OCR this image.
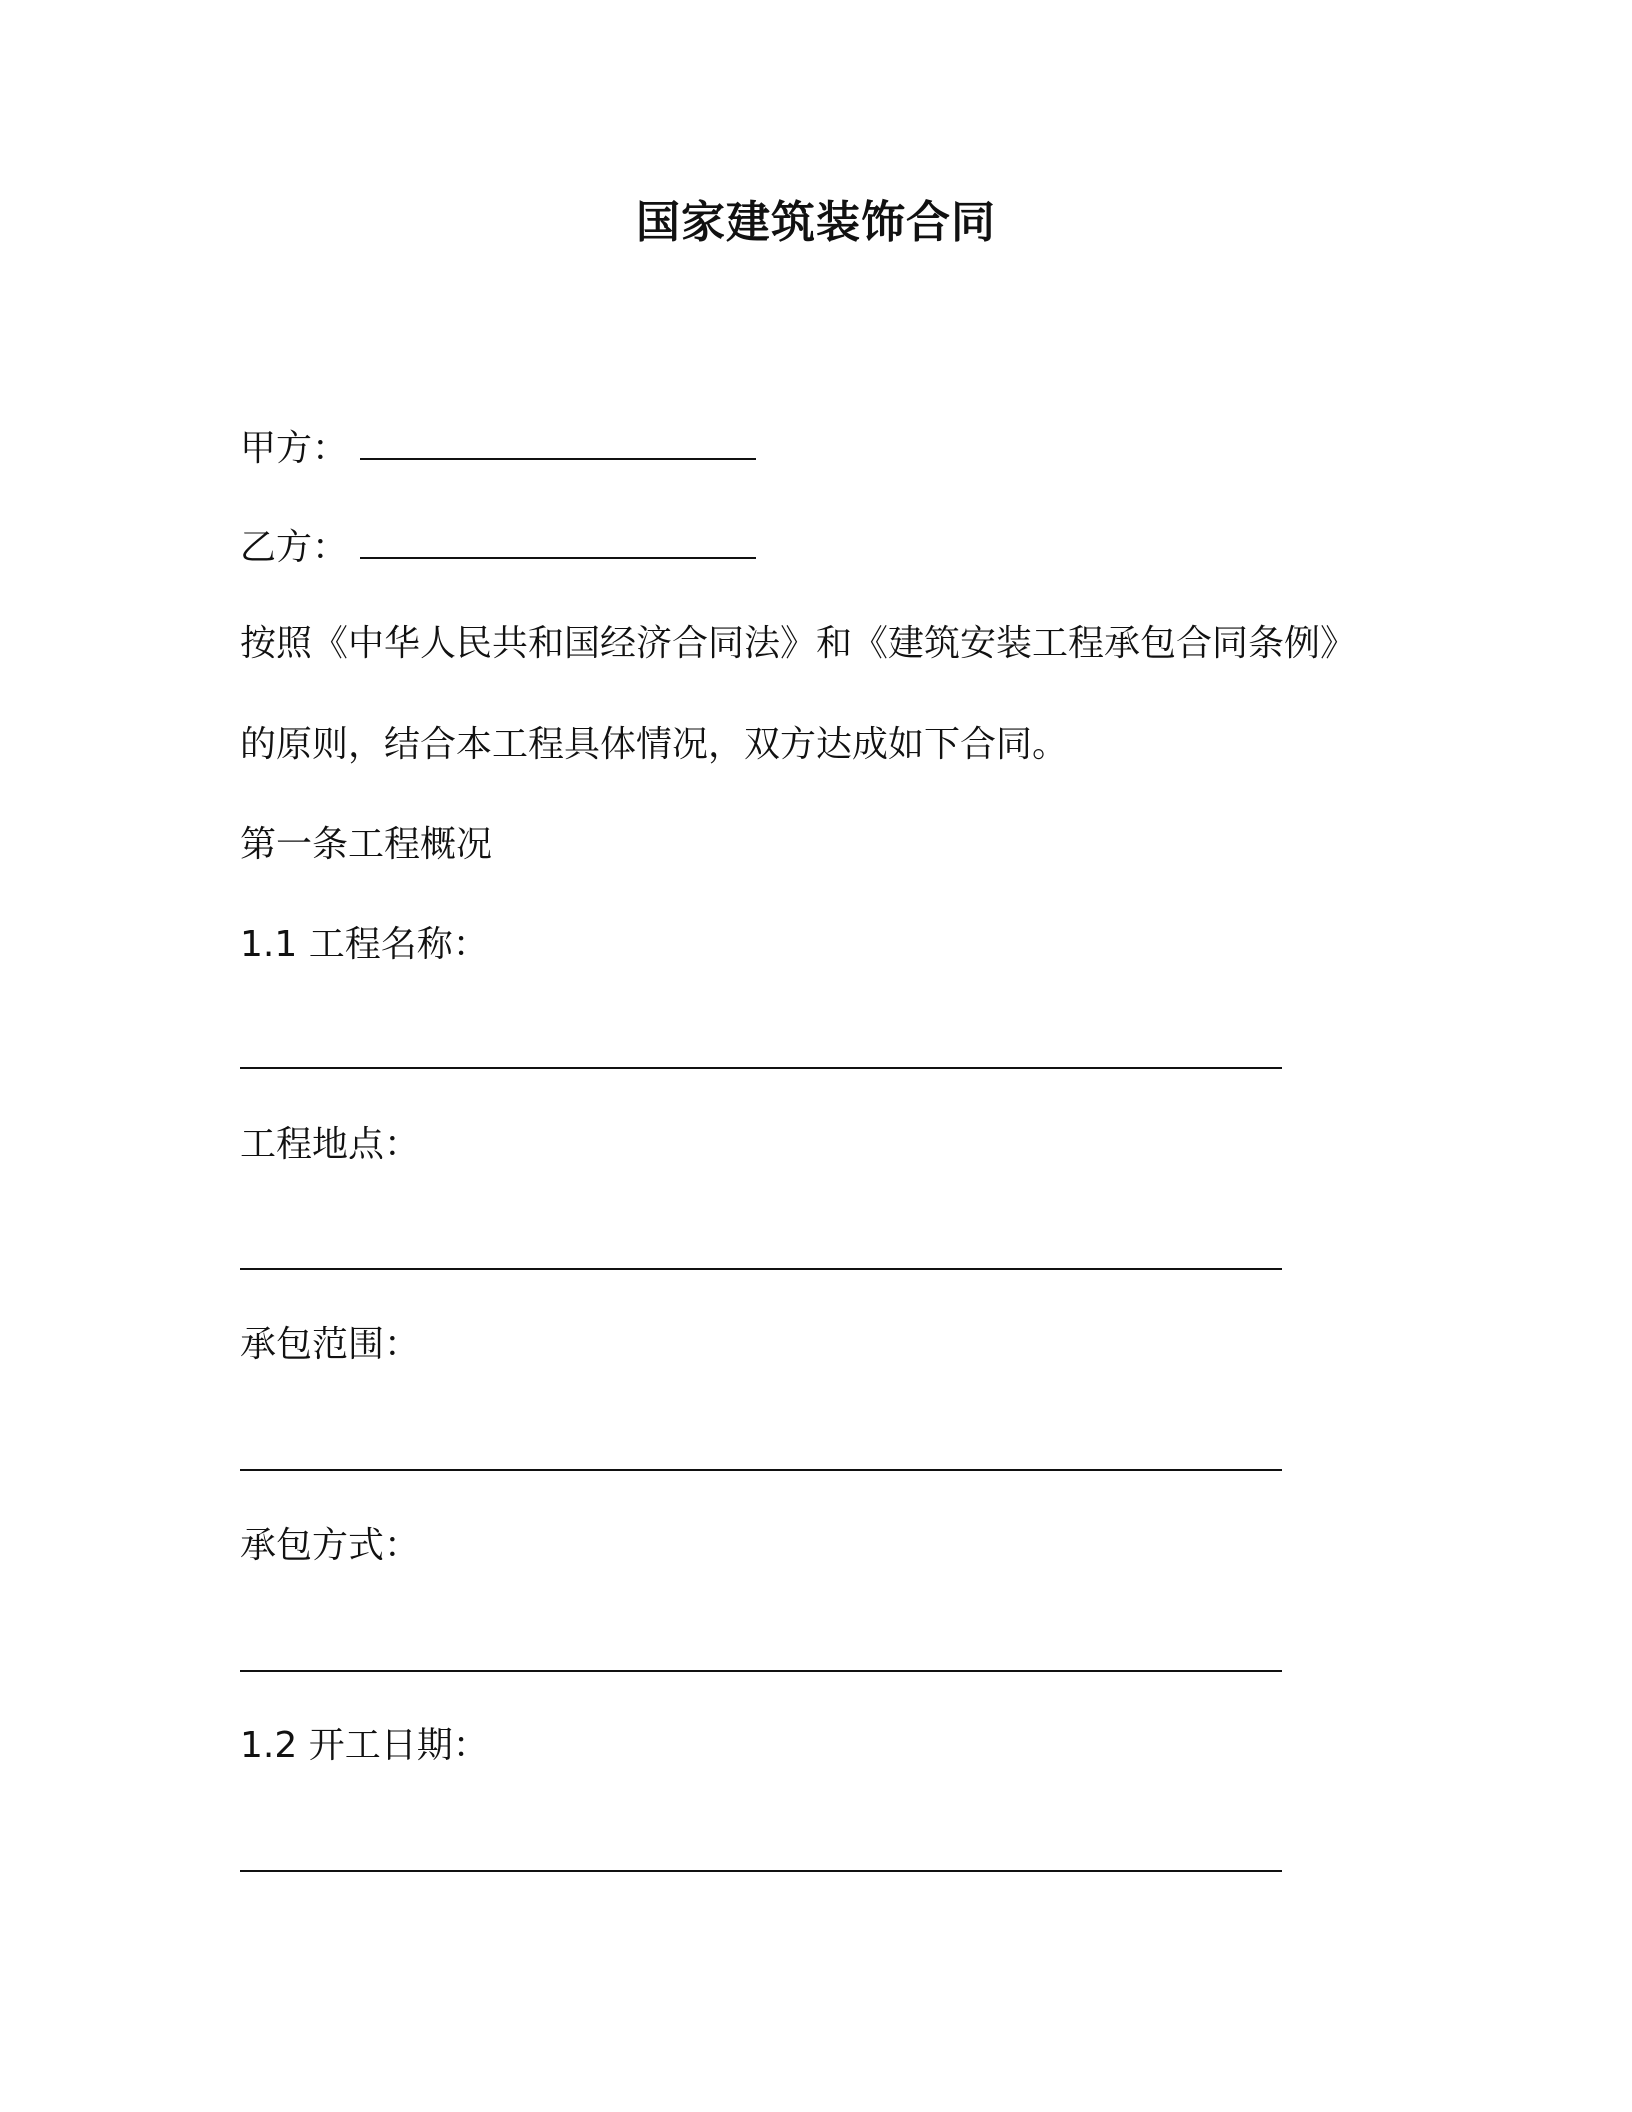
国家建筑装饰合同
甲方：
乙方：

按照《中华人民共和国经济合同法》和《建筑安装工程承包合同条例》

的原则，结合本工程具体情况，双方达成如下合同。

第一条工程概况

1.1 工程名称：

工程地点：

承包范围：

承包方式：

1.2 开工日期：
